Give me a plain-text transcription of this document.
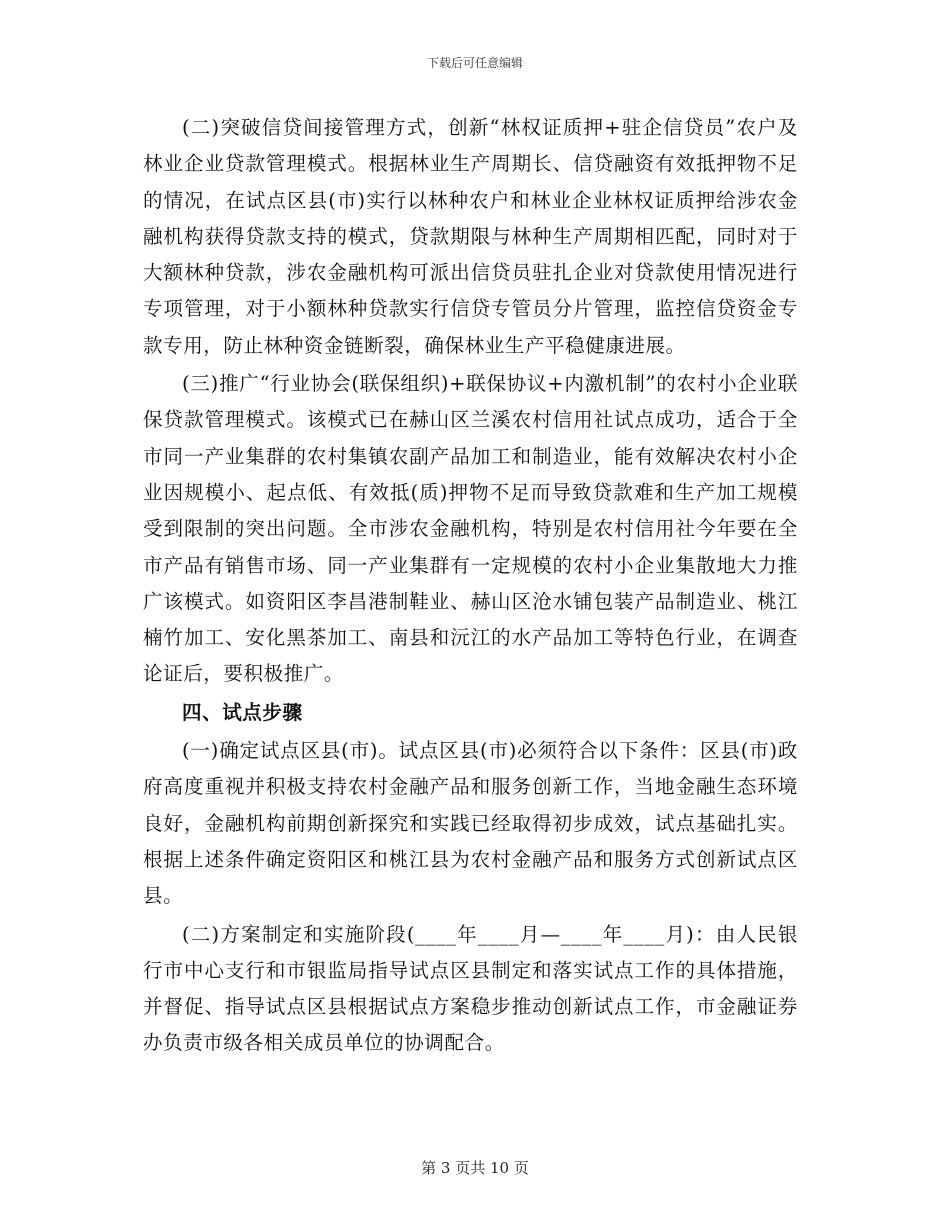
下载后可任意编辑

(二)突破信贷间接管理方式，创新“林权证质押+驻企信贷员”农户及林业企业贷款管理模式。根据林业生产周期长、信贷融资有效抵押物不足的情况，在试点区县(市)实行以林种农户和林业企业林权证质押给涉农金融机构获得贷款支持的模式，贷款期限与林种生产周期相匹配，同时对于大额林种贷款，涉农金融机构可派出信贷员驻扎企业对贷款使用情况进行专项管理，对于小额林种贷款实行信贷专管员分片管理，监控信贷资金专款专用，防止林种资金链断裂，确保林业生产平稳健康进展。

(三)推广“行业协会(联保组织)+联保协议+内激机制”的农村小企业联保贷款管理模式。该模式已在赫山区兰溪农村信用社试点成功，适合于全市同一产业集群的农村集镇农副产品加工和制造业，能有效解决农村小企业因规模小、起点低、有效抵(质)押物不足而导致贷款难和生产加工规模受到限制的突出问题。全市涉农金融机构，特别是农村信用社今年要在全市产品有销售市场、同一产业集群有一定规模的农村小企业集散地大力推广该模式。如资阳区李昌港制鞋业、赫山区沧水铺包装产品制造业、桃江楠竹加工、安化黑茶加工、南县和沅江的水产品加工等特色行业，在调查论证后，要积极推广。

四、试点步骤

(一)确定试点区县(市)。试点区县(市)必须符合以下条件：区县(市)政府高度重视并积极支持农村金融产品和服务创新工作，当地金融生态环境良好，金融机构前期创新探究和实践已经取得初步成效，试点基础扎实。根据上述条件确定资阳区和桃江县为农村金融产品和服务方式创新试点区县。

(二)方案制定和实施阶段(____年____月—____年____月)：由人民银行市中心支行和市银监局指导试点区县制定和落实试点工作的具体措施，并督促、指导试点区县根据试点方案稳步推动创新试点工作，市金融证券办负责市级各相关成员单位的协调配合。

第 3 页共 10 页
